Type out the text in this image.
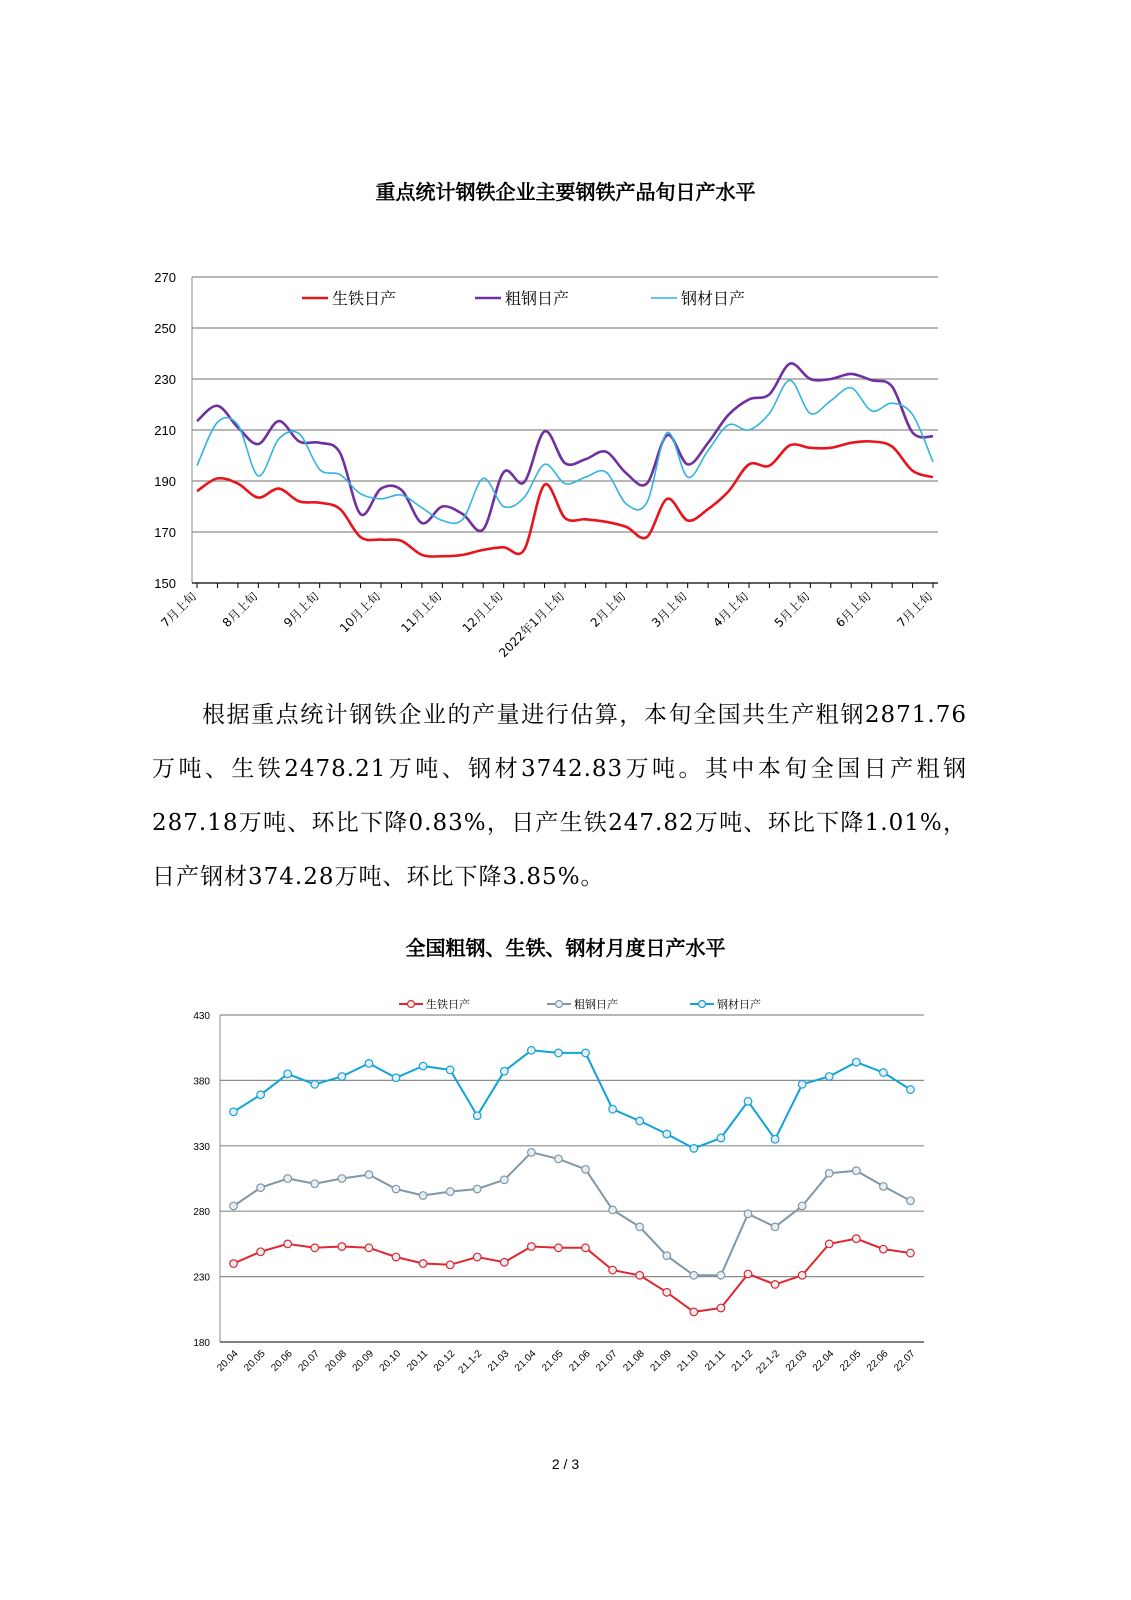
重点统计钢铁企业主要钢铁产品旬日产水平
150
170
190
210
230
250
270
7月上旬 8月上旬 9月上旬 10月上旬 11月上旬 12月上旬
2022年1月上旬 2月上旬 3月上旬 4月上旬 5月上旬 6月上旬 7月上旬
生铁日产	粗钢日产	钢材日产

根据重点统计钢铁企业的产量进行估算，本旬全国共生产粗钢2871.76万吨、生铁2478.21万吨、钢材3742.83万吨。其中本旬全国日产粗钢287.18万吨、环比下降0.83%，日产生铁247.82万吨、环比下降1.01%，日产钢材374.28万吨、环比下降3.85%。

全国粗钢、生铁、钢材月度日产水平
180
230
280
330
380
430
20.04 20.05 20.06 20.07 20.08 20.09 20.10 20.11 20.12 21.1-2 21.03 21.04 21.05 21.06 21.07 21.08 21.09 21.10 21.11 21.12 22.1-2 22.03 22.04 22.05 22.06 22.07
生铁日产	粗钢日产	钢材日产
2 / 3
